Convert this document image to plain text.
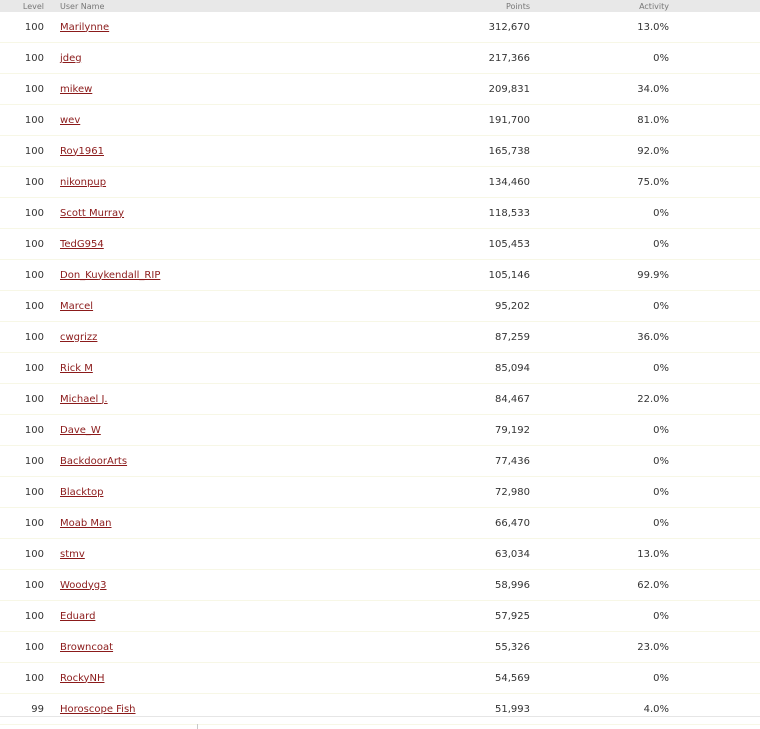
Level	User Name	Points	Activity
100	Marilynne	312,670	13.0%
100	jdeg	217,366	0%
100	mikew	209,831	34.0%
100	wev	191,700	81.0%
100	Roy1961	165,738	92.0%
100	nikonpup	134,460	75.0%
100	Scott Murray	118,533	0%
100	TedG954	105,453	0%
100	Don_Kuykendall_RIP	105,146	99.9%
100	Marcel	95,202	0%
100	cwgrizz	87,259	36.0%
100	Rick M	85,094	0%
100	Michael J.	84,467	22.0%
100	Dave_W	79,192	0%
100	BackdoorArts	77,436	0%
100	Blacktop	72,980	0%
100	Moab Man	66,470	0%
100	stmv	63,034	13.0%
100	Woodyg3	58,996	62.0%
100	Eduard	57,925	0%
100	Browncoat	55,326	23.0%
100	RockyNH	54,569	0%
99	Horoscope Fish	51,993	4.0%
